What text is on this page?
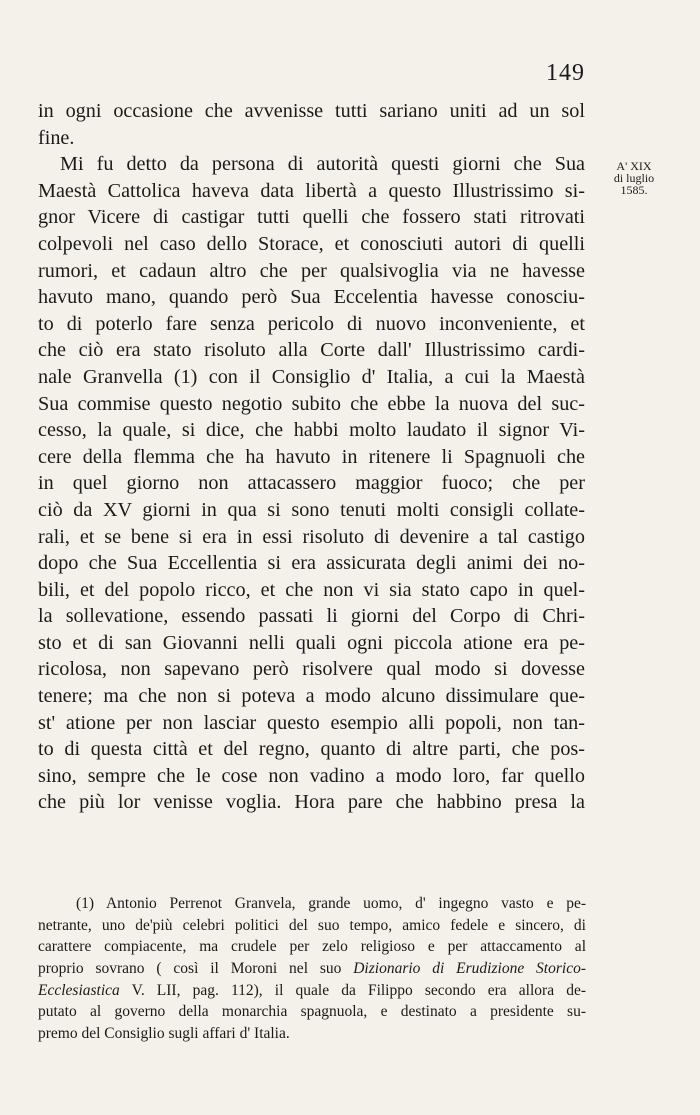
149
A' XIX
di luglio
1585.
in ogni occasione che avvenisse tutti sariano uniti ad un sol
fine.
Mi fu detto da persona di autorità questi giorni che Sua
Maestà Cattolica haveva data libertà a questo Illustrissimo si-
gnor Vicere di castigar tutti quelli che fossero stati ritrovati
colpevoli nel caso dello Storace, et conosciuti autori di quelli
rumori, et cadaun altro che per qualsivoglia via ne havesse
havuto mano, quando però Sua Eccelentia havesse conosciu-
to di poterlo fare senza pericolo di nuovo inconveniente, et
che ciò era stato risoluto alla Corte dall' Illustrissimo cardi-
nale Granvella (1) con il Consiglio d' Italia, a cui la Maestà
Sua commise questo negotio subito che ebbe la nuova del suc-
cesso, la quale, si dice, che habbi molto laudato il signor Vi-
cere della flemma che ha havuto in ritenere li Spagnuoli che
in quel giorno non attacassero maggior fuoco; che per
ciò da XV giorni in qua si sono tenuti molti consigli collate-
rali, et se bene si era in essi risoluto di devenire a tal castigo
dopo che Sua Eccellentia si era assicurata degli animi dei no-
bili, et del popolo ricco, et che non vi sia stato capo in quel-
la sollevatione, essendo passati li giorni del Corpo di Chri-
sto et di san Giovanni nelli quali ogni piccola atione era pe-
ricolosa, non sapevano però risolvere qual modo si dovesse
tenere; ma che non si poteva a modo alcuno dissimulare que-
st' atione per non lasciar questo esempio alli popoli, non tan-
to di questa città et del regno, quanto di altre parti, che pos-
sino, sempre che le cose non vadino a modo loro, far quello
che più lor venisse voglia. Hora pare che habbino presa la
(1) Antonio Perrenot Granvela, grande uomo, d' ingegno vasto e pe-
netrante, uno de'più celebri politici del suo tempo, amico fedele e sincero, di
carattere compiacente, ma crudele per zelo religioso e per attaccamento al
proprio sovrano ( così il Moroni nel suo Dizionario di Erudizione Storico-
Ecclesiastica V. LII, pag. 112), il quale da Filippo secondo era allora de-
putato al governo della monarchia spagnuola, e destinato a presidente su-
premo del Consiglio sugli affari d' Italia.
